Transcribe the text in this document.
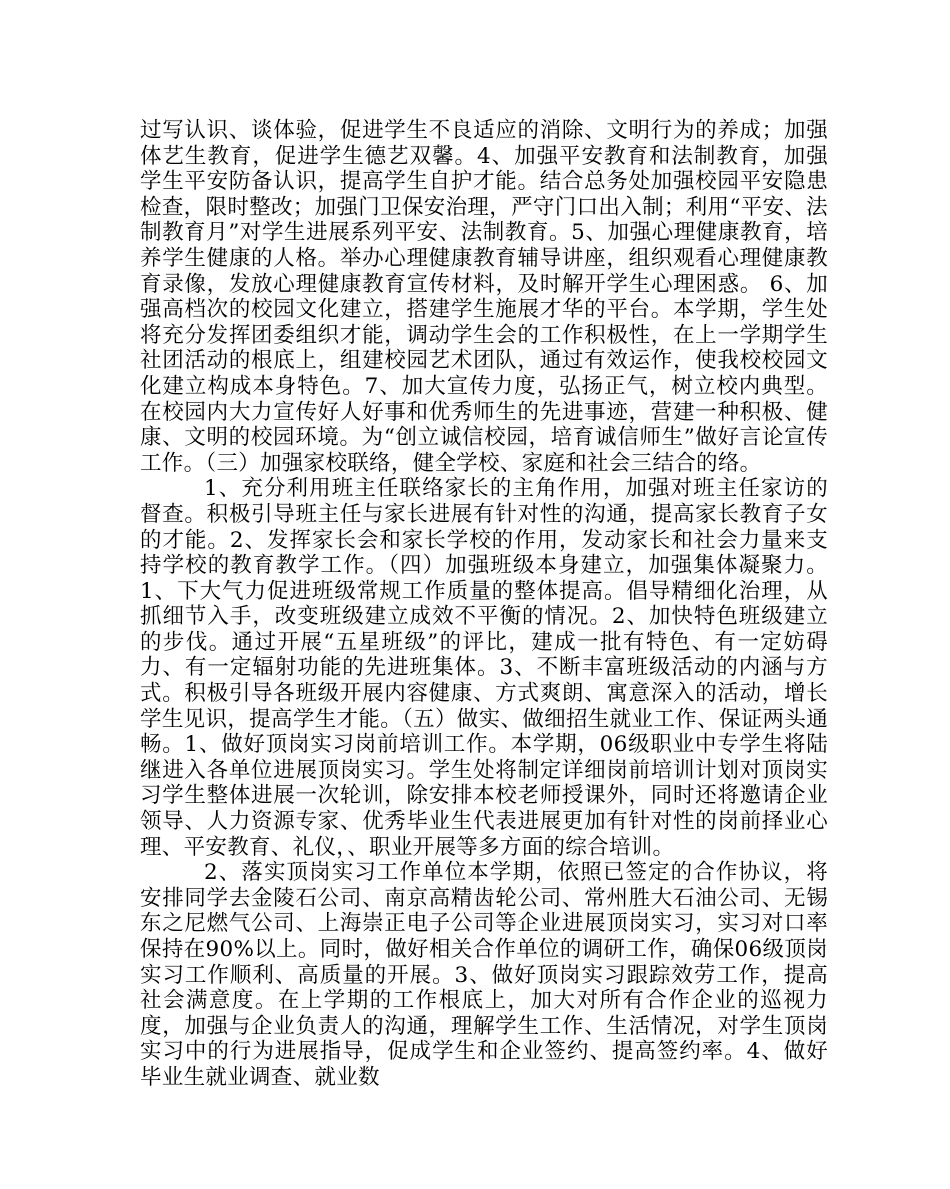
过写认识、谈体验，促进学生不良适应的消除、文明行为的养成；加强体艺生教育，促进学生德艺双馨。4、加强平安教育和法制教育，加强学生平安防备认识，提高学生自护才能。结合总务处加强校园平安隐患检查，限时整改；加强门卫保安治理，严守门口出入制；利用“平安、法制教育月”对学生进展系列平安、法制教育。5、加强心理健康教育，培养学生健康的人格。举办心理健康教育辅导讲座，组织观看心理健康教育录像，发放心理健康教育宣传材料，及时解开学生心理困惑。 6、加强高档次的校园文化建立，搭建学生施展才华的平台。本学期，学生处将充分发挥团委组织才能，调动学生会的工作积极性，在上一学期学生社团活动的根底上，组建校园艺术团队，通过有效运作，使我校校园文化建立构成本身特色。7、加大宣传力度，弘扬正气，树立校内典型。在校园内大力宣传好人好事和优秀师生的先进事迹，营建一种积极、健康、文明的校园环境。为“创立诚信校园，培育诚信师生”做好言论宣传工作。（三）加强家校联络，健全学校、家庭和社会三结合的络。

1、充分利用班主任联络家长的主角作用，加强对班主任家访的督查。积极引导班主任与家长进展有针对性的沟通，提高家长教育子女的才能。2、发挥家长会和家长学校的作用，发动家长和社会力量来支持学校的教育教学工作。（四）加强班级本身建立，加强集体凝聚力。1、下大气力促进班级常规工作质量的整体提高。倡导精细化治理，从抓细节入手，改变班级建立成效不平衡的情况。2、加快特色班级建立的步伐。通过开展“五星班级”的评比，建成一批有特色、有一定妨碍力、有一定辐射功能的先进班集体。3、不断丰富班级活动的内涵与方式。积极引导各班级开展内容健康、方式爽朗、寓意深入的活动，增长学生见识，提高学生才能。（五）做实、做细招生就业工作、保证两头通畅。1、做好顶岗实习岗前培训工作。本学期，06级职业中专学生将陆继进入各单位进展顶岗实习。学生处将制定详细岗前培训计划对顶岗实习学生整体进展一次轮训，除安排本校老师授课外，同时还将邀请企业领导、人力资源专家、优秀毕业生代表进展更加有针对性的岗前择业心理、平安教育、礼仪，、职业开展等多方面的综合培训。

2、落实顶岗实习工作单位本学期，依照已签定的合作协议，将安排同学去金陵石公司、南京高精齿轮公司、常州胜大石油公司、无锡东之尼燃气公司、上海崇正电子公司等企业进展顶岗实习，实习对口率保持在90%以上。同时，做好相关合作单位的调研工作，确保06级顶岗实习工作顺利、高质量的开展。3、做好顶岗实习跟踪效劳工作，提高社会满意度。在上学期的工作根底上，加大对所有合作企业的巡视力度，加强与企业负责人的沟通，理解学生工作、生活情况，对学生顶岗实习中的行为进展指导，促成学生和企业签约、提高签约率。4、做好毕业生就业调查、就业数
